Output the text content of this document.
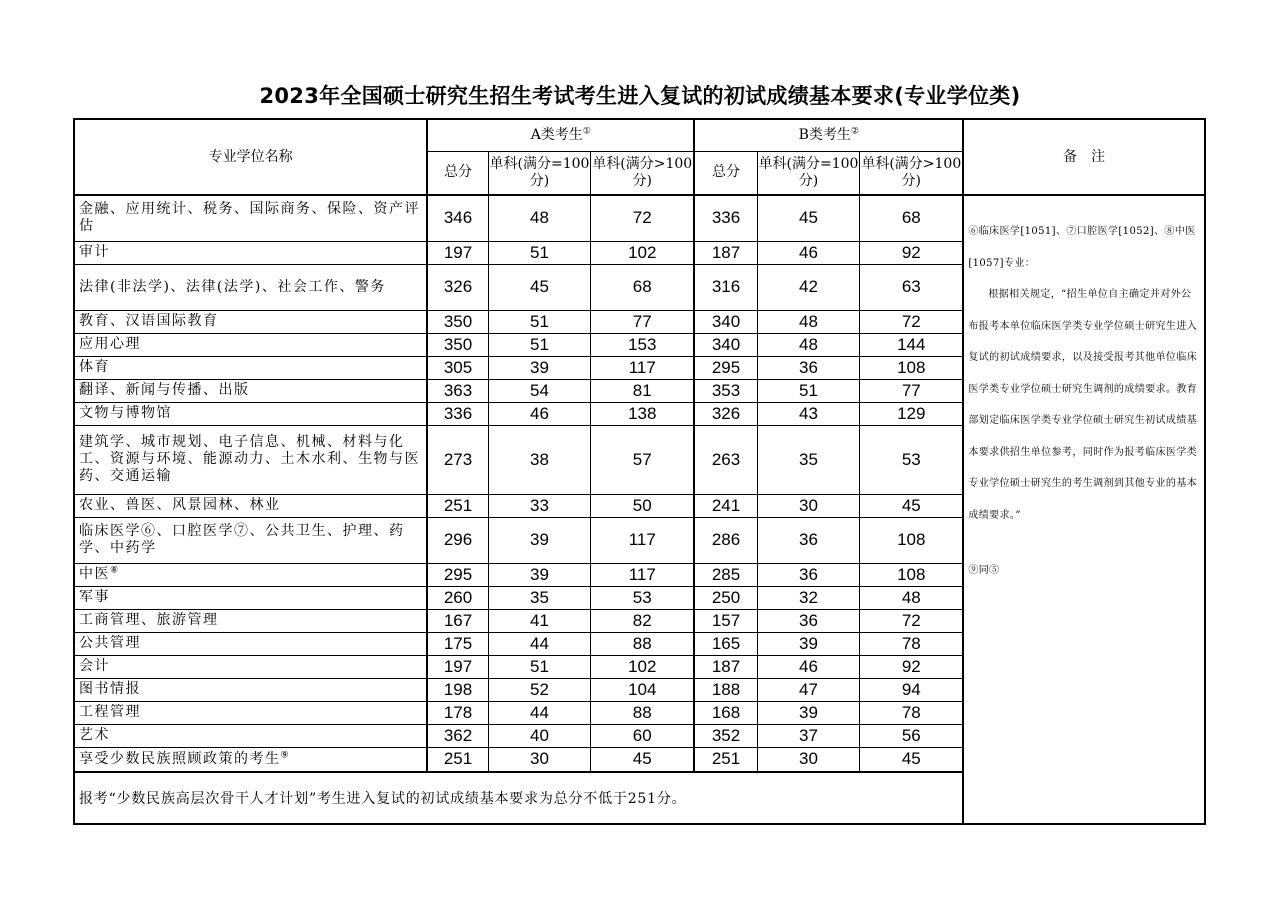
2023年全国硕士研究生招生考试考生进入复试的初试成绩基本要求(专业学位类)
专业学位名称	A类考生①			B类考生②			备　注
	总分	单科(满分=100分)	单科(满分>100分)	总分	单科(满分=100分)	单科(满分>100分)	
金融、应用统计、税务、国际商务、保险、资产评估	346	48	72	336	45	68	⑥临床医学[1051]、⑦口腔医学[1052]、⑧中医[1057]专业：

根据相关规定，“招生单位自主确定并对外公布报考本单位临床医学类专业学位硕士研究生进入复试的初试成绩要求，以及接受报考其他单位临床医学类专业学位硕士研究生调剂的成绩要求。教育部划定临床医学类专业学位硕士研究生初试成绩基本要求供招生单位参考，同时作为报考临床医学类专业学位硕士研究生的考生调剂到其他专业的基本成绩要求。”

⑨同⑤

审计	197	51	102	187	46	92	
法律(非法学)、法律(法学)、社会工作、警务	326	45	68	316	42	63	
教育、汉语国际教育	350	51	77	340	48	72	
应用心理	350	51	153	340	48	144	
体育	305	39	117	295	36	108	
翻译、新闻与传播、出版	363	54	81	353	51	77	
文物与博物馆	336	46	138	326	43	129	
建筑学、城市规划、电子信息、机械、材料与化工、资源与环境、能源动力、土木水利、生物与医药、交通运输	273	38	57	263	35	53	
农业、兽医、风景园林、林业	251	33	50	241	30	45	
临床医学⑥、口腔医学⑦、公共卫生、护理、药学、中药学	296	39	117	286	36	108	
中医⑧	295	39	117	285	36	108	
军事	260	35	53	250	32	48	
工商管理、旅游管理	167	41	82	157	36	72	
公共管理	175	44	88	165	39	78	
会计	197	51	102	187	46	92	
图书情报	198	52	104	188	47	94	
工程管理	178	44	88	168	39	78	
艺术	362	40	60	352	37	56	
享受少数民族照顾政策的考生⑨	251	30	45	251	30	45	
报考“少数民族高层次骨干人才计划”考生进入复试的初试成绩基本要求为总分不低于251分。							
